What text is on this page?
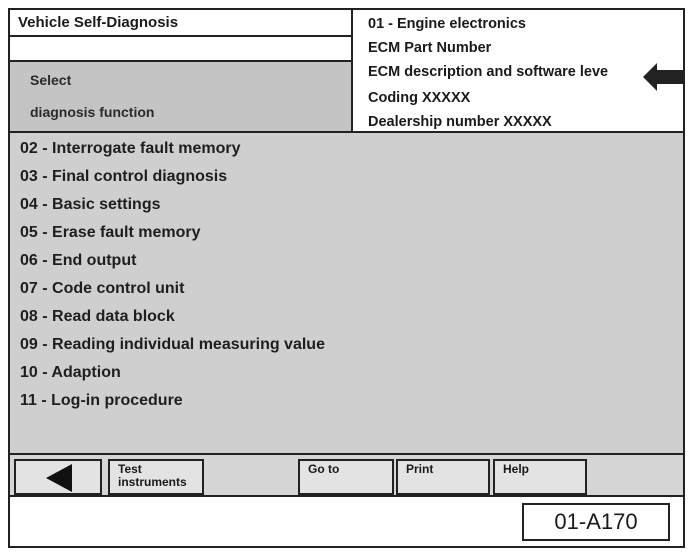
Vehicle Self-Diagnosis
Select
diagnosis function
01 - Engine electronics
ECM Part Number
ECM description and software leve
Coding XXXXX
Dealership number XXXXX
02 - Interrogate fault memory
03 - Final control diagnosis
04 - Basic settings
05 - Erase fault memory
06 - End output
07 - Code control unit
08 - Read data block
09 - Reading individual measuring value
10 - Adaption
11 - Log-in procedure
Test
instruments
Go to	Print	Help
01-A170
